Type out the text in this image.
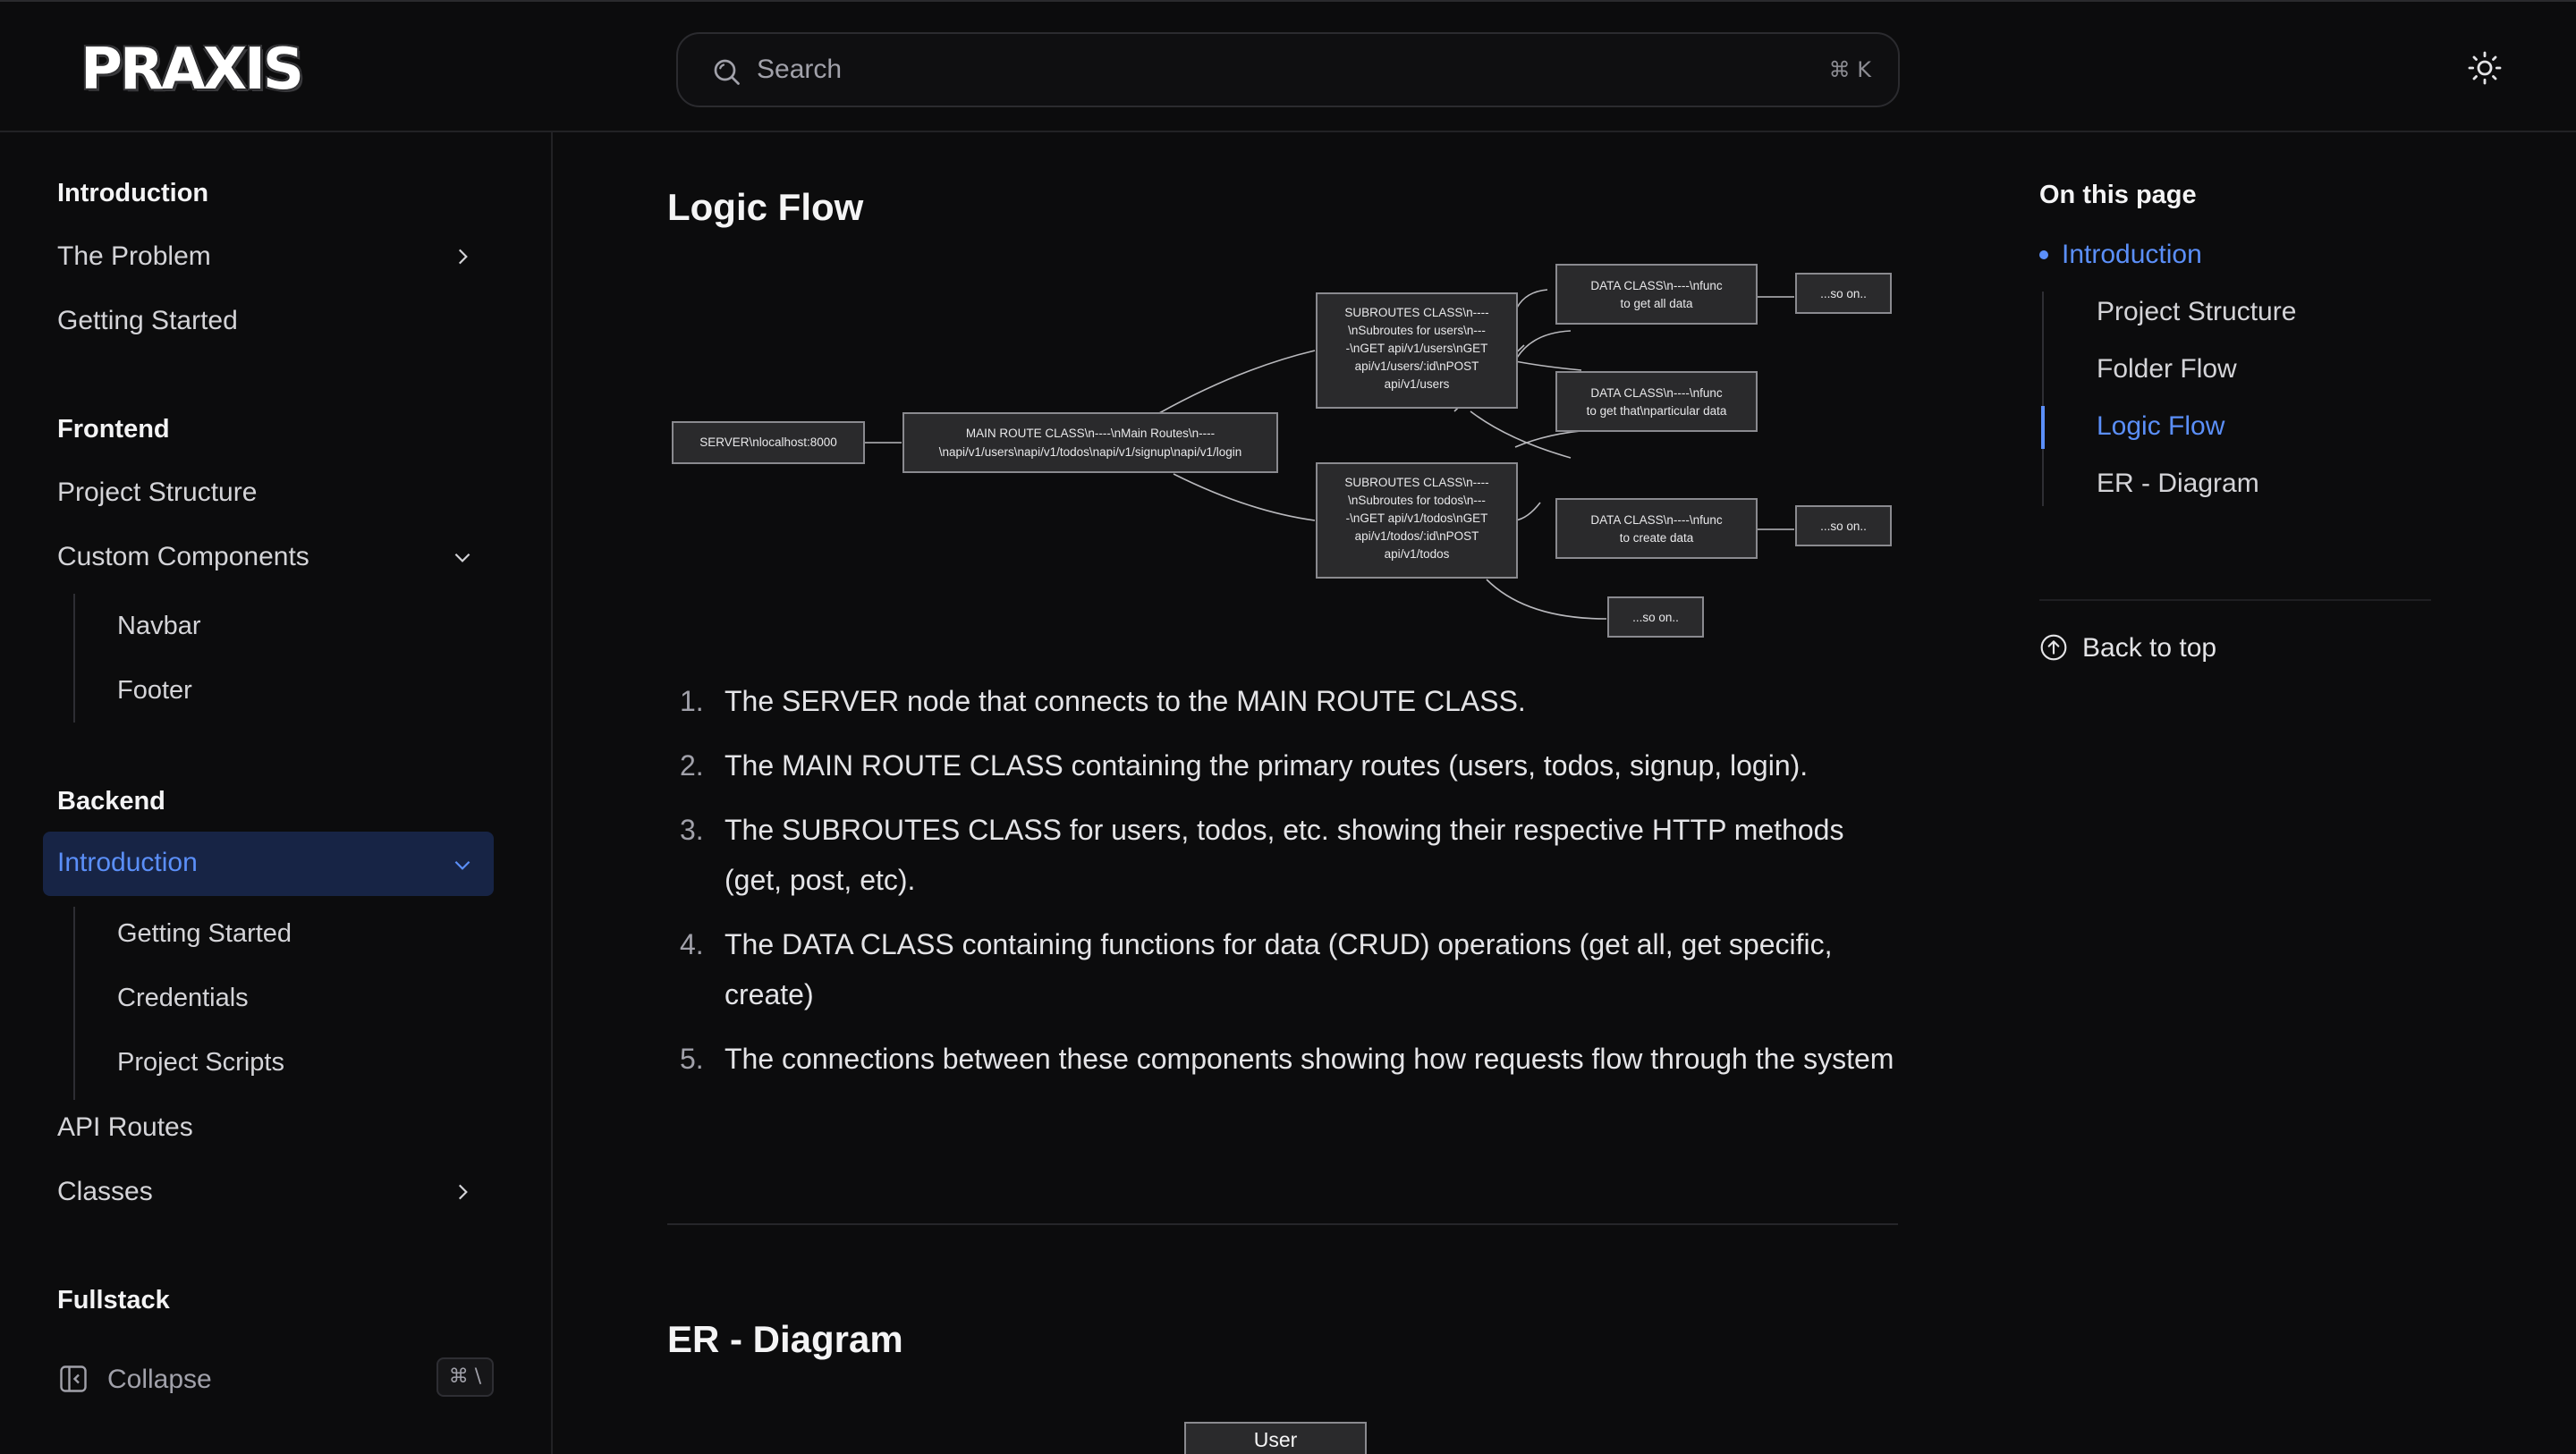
PRAXIS
Search	⌘ K
Introduction
The Problem
Getting Started
Frontend
Project Structure
Custom Components
Navbar
Footer
Backend
Introduction
Getting Started
Credentials
Project Scripts
API Routes
Classes
Fullstack
Collapse	⌘ \
Logic Flow
SERVER\nlocalhost:8000
MAIN ROUTE CLASS\n----\nMain Routes\n----
\napi/v1/users\napi/v1/todos\napi/v1/signup\napi/v1/login
SUBROUTES CLASS\n----
\nSubroutes for users\n---
-\nGET api/v1/users\nGET
api/v1/users/:id\nPOST
api/v1/users
SUBROUTES CLASS\n----
\nSubroutes for todos\n---
-\nGET api/v1/todos\nGET
api/v1/todos/:id\nPOST
api/v1/todos
DATA CLASS\n----\nfunc
to get all data
DATA CLASS\n----\nfunc
to get that\nparticular data
DATA CLASS\n----\nfunc
to create data
...so on..
...so on..
...so on..
1. The SERVER node that connects to the MAIN ROUTE CLASS.
2. The MAIN ROUTE CLASS containing the primary routes (users, todos, signup, login).
3. The SUBROUTES CLASS for users, todos, etc. showing their respective HTTP methods (get, post, etc).
4. The DATA CLASS containing functions for data (CRUD) operations (get all, get specific, create)
5. The connections between these components showing how requests flow through the system
ER - Diagram
User
On this page
Introduction
Project Structure
Folder Flow
Logic Flow
ER - Diagram
Back to top
